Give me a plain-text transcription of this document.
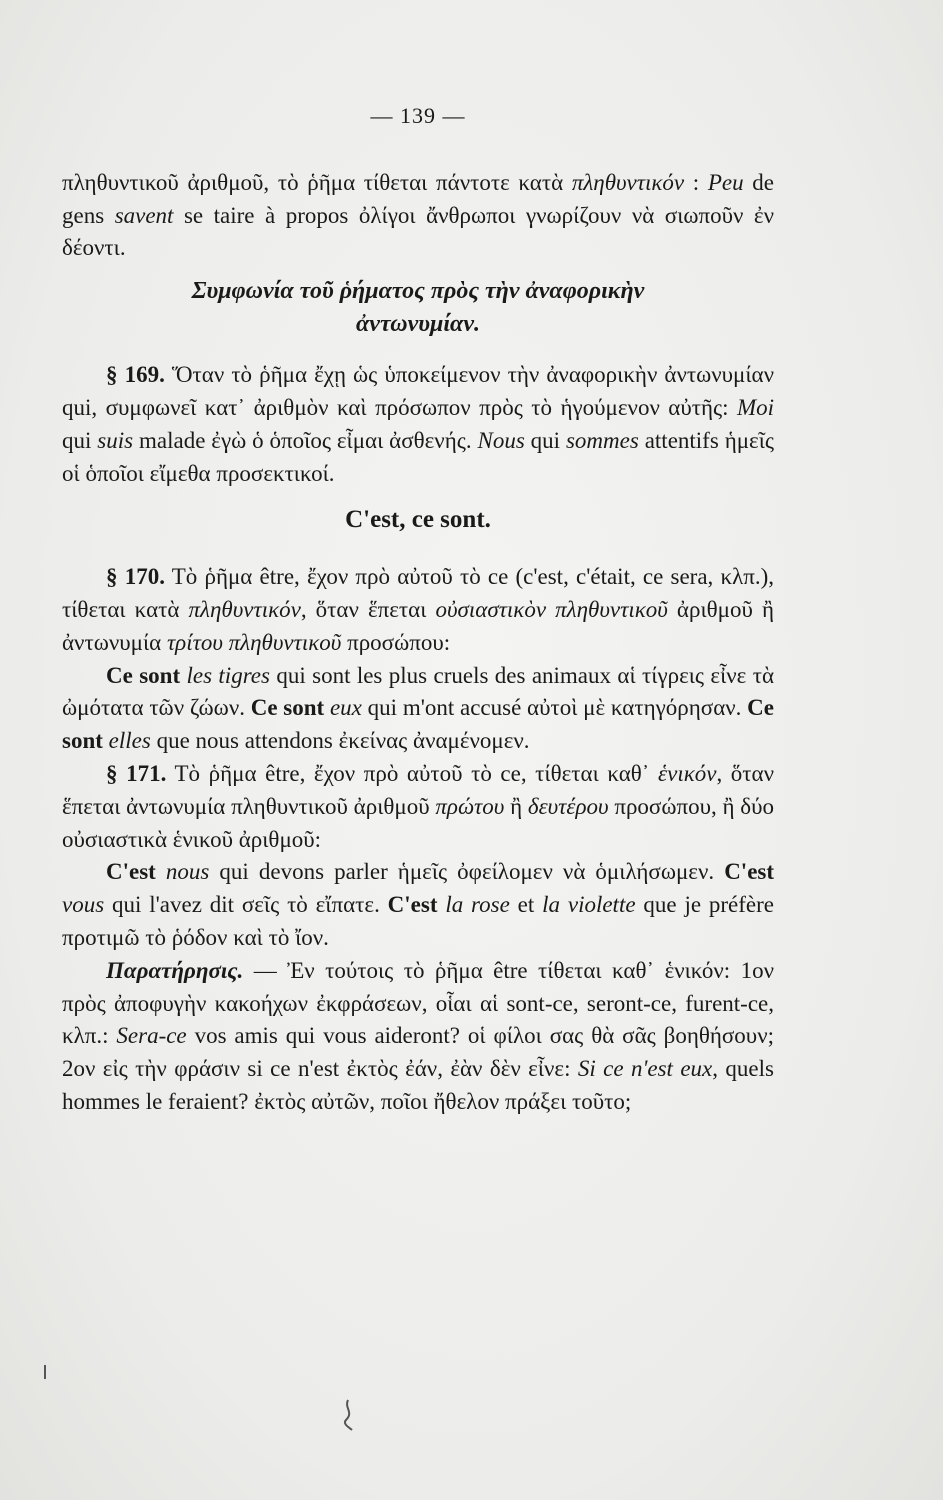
— 139 —

πληθυντικοῦ ἀριθμοῦ, τὸ ῥῆμα τίθεται πάντοτε κατὰ πληθυντικόν : Peu de gens savent se taire à propos ὀλίγοι ἄνθρωποι γνωρίζουν νὰ σιωποῦν ἐν δέοντι.

Συμφωνία τοῦ ῥήματος πρὸς τὴν ἀναφορικὴν
ἀντωνυμίαν.

§ 169. Ὅταν τὸ ῥῆμα ἔχῃ ὡς ὑποκείμενον τὴν ἀναφορικὴν ἀντωνυμίαν qui, συμφωνεῖ κατ᾽ ἀριθμὸν καὶ πρόσωπον πρὸς τὸ ἡγούμενον αὐτῆς: Moi qui suis malade ἐγὼ ὁ ὁποῖος εἶμαι ἀσθενής. Nous qui sommes attentifs ἡμεῖς οἱ ὁποῖοι εἴμεθα προσεκτικοί.

C'est, ce sont.

§ 170. Τὸ ῥῆμα être, ἔχον πρὸ αὐτοῦ τὸ ce (c'est, c'était, ce sera, κλπ.), τίθεται κατὰ πληθυντικόν, ὅταν ἕπεται οὐσιαστικὸν πληθυντικοῦ ἀριθμοῦ ἢ ἀντωνυμία τρίτου πληθυντικοῦ προσώπου:

Ce sont les tigres qui sont les plus cruels des animaux αἱ τίγρεις εἶνε τὰ ὠμότατα τῶν ζώων. Ce sont eux qui m'ont accusé αὐτοὶ μὲ κατηγόρησαν. Ce sont elles que nous attendons ἐκείνας ἀναμένομεν.

§ 171. Τὸ ῥῆμα être, ἔχον πρὸ αὐτοῦ τὸ ce, τίθεται καθ᾽ ἑνικόν, ὅταν ἕπεται ἀντωνυμία πληθυντικοῦ ἀριθμοῦ πρώτου ἢ δευτέρου προσώπου, ἢ δύο οὐσιαστικὰ ἑνικοῦ ἀριθμοῦ:

C'est nous qui devons parler ἡμεῖς ὀφείλομεν νὰ ὁμιλήσωμεν. C'est vous qui l'avez dit σεῖς τὸ εἴπατε. C'est la rose et la violette que je préfère προτιμῶ τὸ ῥόδον καὶ τὸ ἴον.

Παρατήρησις. — Ἐν τούτοις τὸ ῥῆμα être τίθεται καθ᾽ ἑνικόν: 1ον πρὸς ἀποφυγὴν κακοήχων ἐκφράσεων, οἷαι αἱ sont-ce, seront-ce, furent-ce, κλπ.: Sera-ce vos amis qui vous aideront? οἱ φίλοι σας θὰ σᾶς βοηθήσουν; 2ον εἰς τὴν φράσιν si ce n'est ἐκτὸς ἐάν, ἐὰν δὲν εἶνε: Si ce n'est eux, quels hommes le feraient? ἐκτὸς αὐτῶν, ποῖοι ἤθελον πράξει τοῦτο;
